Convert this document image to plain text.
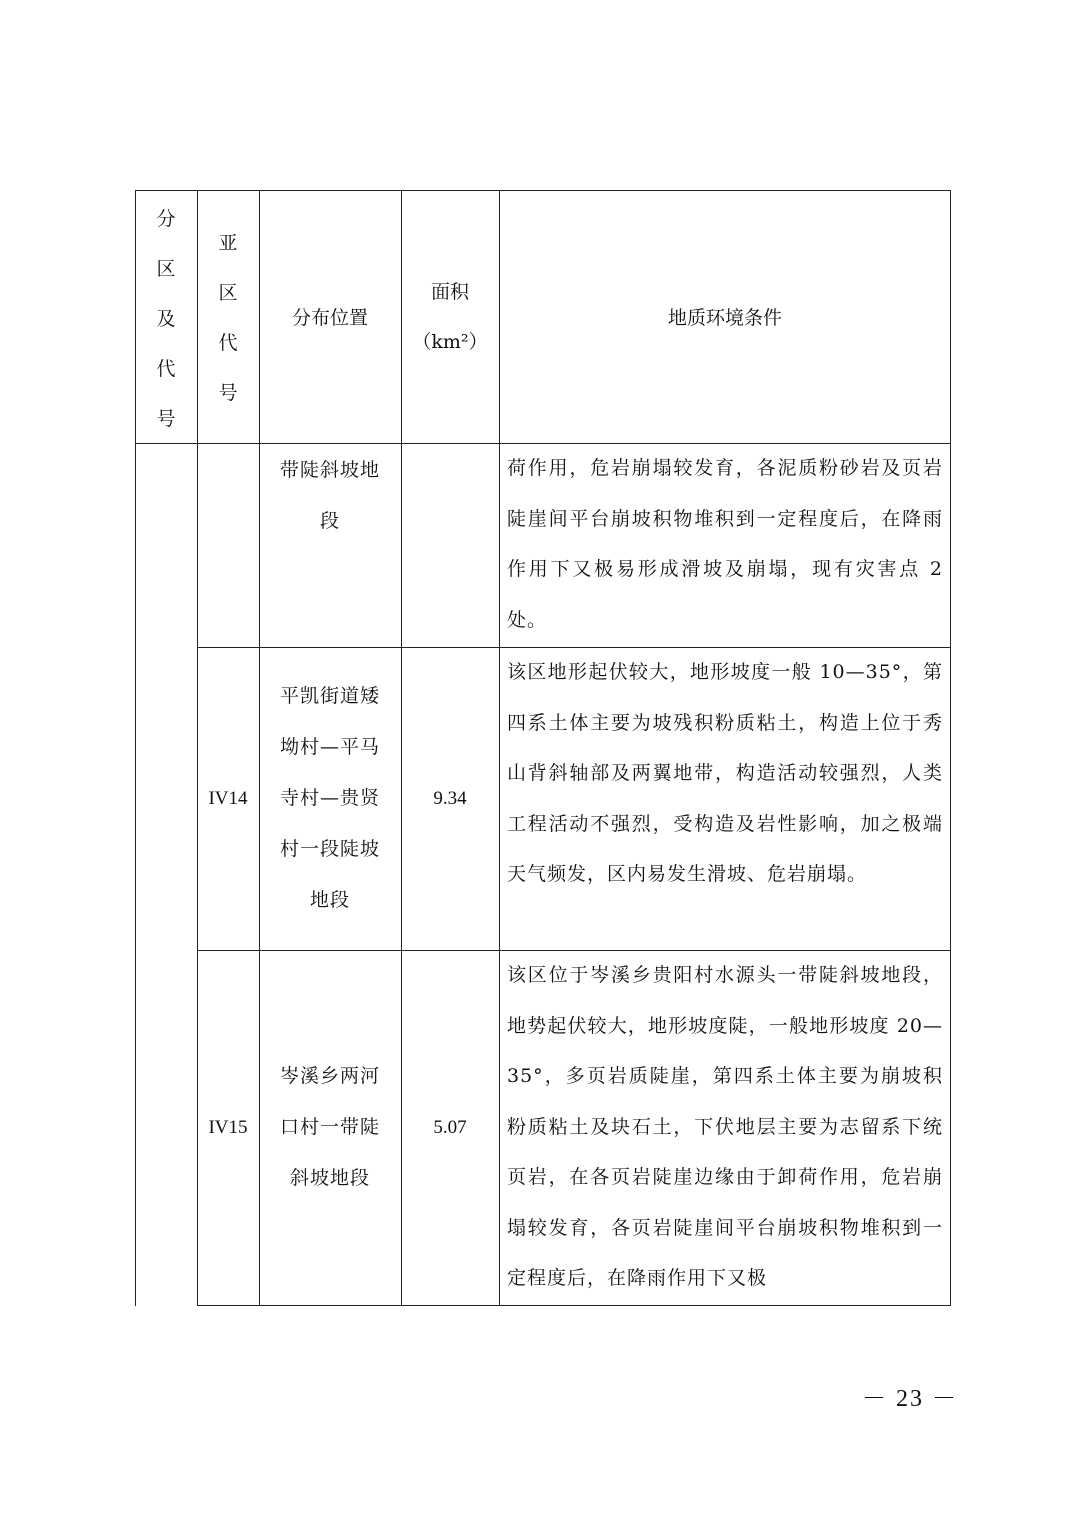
分
区
及
代
号
亚
区
代
号
分布位置
面积
（km²）
地质环境条件
带陡斜坡地段
荷作用，危岩崩塌较发育，各泥质粉砂岩及页岩陡崖间平台崩坡积物堆积到一定程度后，在降雨作用下又极易形成滑坡及崩塌，现有灾害点 2 处。
IV14
平凯街道矮坳村—平马寺村—贵贤村一段陡坡地段
9.34
该区地形起伏较大，地形坡度一般 10—35°，第四系土体主要为坡残积粉质粘土，构造上位于秀山背斜轴部及两翼地带，构造活动较强烈，人类工程活动不强烈，受构造及岩性影响，加之极端天气频发，区内易发生滑坡、危岩崩塌。
IV15
岑溪乡两河口村一带陡斜坡地段
5.07
该区位于岑溪乡贵阳村水源头一带陡斜坡地段，地势起伏较大，地形坡度陡，一般地形坡度 20—35°，多页岩质陡崖，第四系土体主要为崩坡积粉质粘土及块石土，下伏地层主要为志留系下统页岩，在各页岩陡崖边缘由于卸荷作用，危岩崩塌较发育，各页岩陡崖间平台崩坡积物堆积到一定程度后，在降雨作用下又极
－ 23 －
